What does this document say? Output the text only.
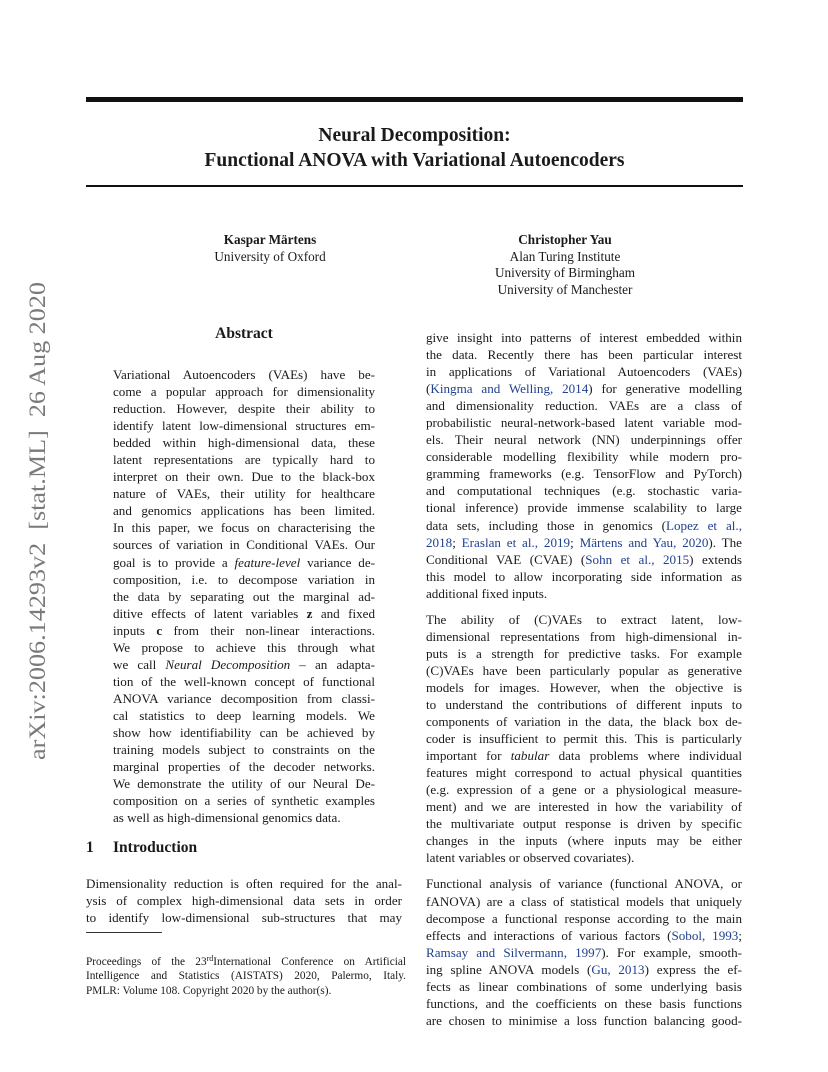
Neural Decomposition:
Functional ANOVA with Variational Autoencoders
Kaspar Märtens
University of Oxford
Christopher Yau
Alan Turing Institute
University of Birmingham
University of Manchester
arXiv:2006.14293v2  [stat.ML]  26 Aug 2020	Abstract
Variational Autoencoders (VAEs) have be-
come a popular approach for dimensionality
reduction. However, despite their ability to
identify latent low-dimensional structures em-
bedded within high-dimensional data, these
latent representations are typically hard to
interpret on their own. Due to the black-box
nature of VAEs, their utility for healthcare
and genomics applications has been limited.
In this paper, we focus on characterising the
sources of variation in Conditional VAEs. Our
goal is to provide a feature-level variance de-
composition, i.e. to decompose variation in
the data by separating out the marginal ad-
ditive effects of latent variables z and fixed
inputs c from their non-linear interactions.
We propose to achieve this through what
we call Neural Decomposition – an adapta-
tion of the well-known concept of functional
ANOVA variance decomposition from classi-
cal statistics to deep learning models. We
show how identifiability can be achieved by
training models subject to constraints on the
marginal properties of the decoder networks.
We demonstrate the utility of our Neural De-
composition on a series of synthetic examples
as well as high-dimensional genomics data.
1 Introduction
Dimensionality reduction is often required for the anal-
ysis of complex high-dimensional data sets in order
to identify low-dimensional sub-structures that may
Proceedings of the 23rdInternational Conference on Artificial
Intelligence and Statistics (AISTATS) 2020, Palermo, Italy.
PMLR: Volume 108. Copyright 2020 by the author(s).
give insight into patterns of interest embedded within
the data. Recently there has been particular interest
in applications of Variational Autoencoders (VAEs)
(Kingma and Welling, 2014) for generative modelling
and dimensionality reduction. VAEs are a class of
probabilistic neural-network-based latent variable mod-
els. Their neural network (NN) underpinnings offer
considerable modelling flexibility while modern pro-
gramming frameworks (e.g. TensorFlow and PyTorch)
and computational techniques (e.g. stochastic varia-
tional inference) provide immense scalability to large
data sets, including those in genomics (Lopez et al.,
2018; Eraslan et al., 2019; Märtens and Yau, 2020). The
Conditional VAE (CVAE) (Sohn et al., 2015) extends
this model to allow incorporating side information as
additional fixed inputs.
The ability of (C)VAEs to extract latent, low-
dimensional representations from high-dimensional in-
puts is a strength for predictive tasks. For example
(C)VAEs have been particularly popular as generative
models for images. However, when the objective is
to understand the contributions of different inputs to
components of variation in the data, the black box de-
coder is insufficient to permit this. This is particularly
important for tabular data problems where individual
features might correspond to actual physical quantities
(e.g. expression of a gene or a physiological measure-
ment) and we are interested in how the variability of
the multivariate output response is driven by specific
changes in the inputs (where inputs may be either
latent variables or observed covariates).
Functional analysis of variance (functional ANOVA, or
fANOVA) are a class of statistical models that uniquely
decompose a functional response according to the main
effects and interactions of various factors (Sobol, 1993;
Ramsay and Silvermann, 1997). For example, smooth-
ing spline ANOVA models (Gu, 2013) express the ef-
fects as linear combinations of some underlying basis
functions, and the coefficients on these basis functions
are chosen to minimise a loss function balancing good-
